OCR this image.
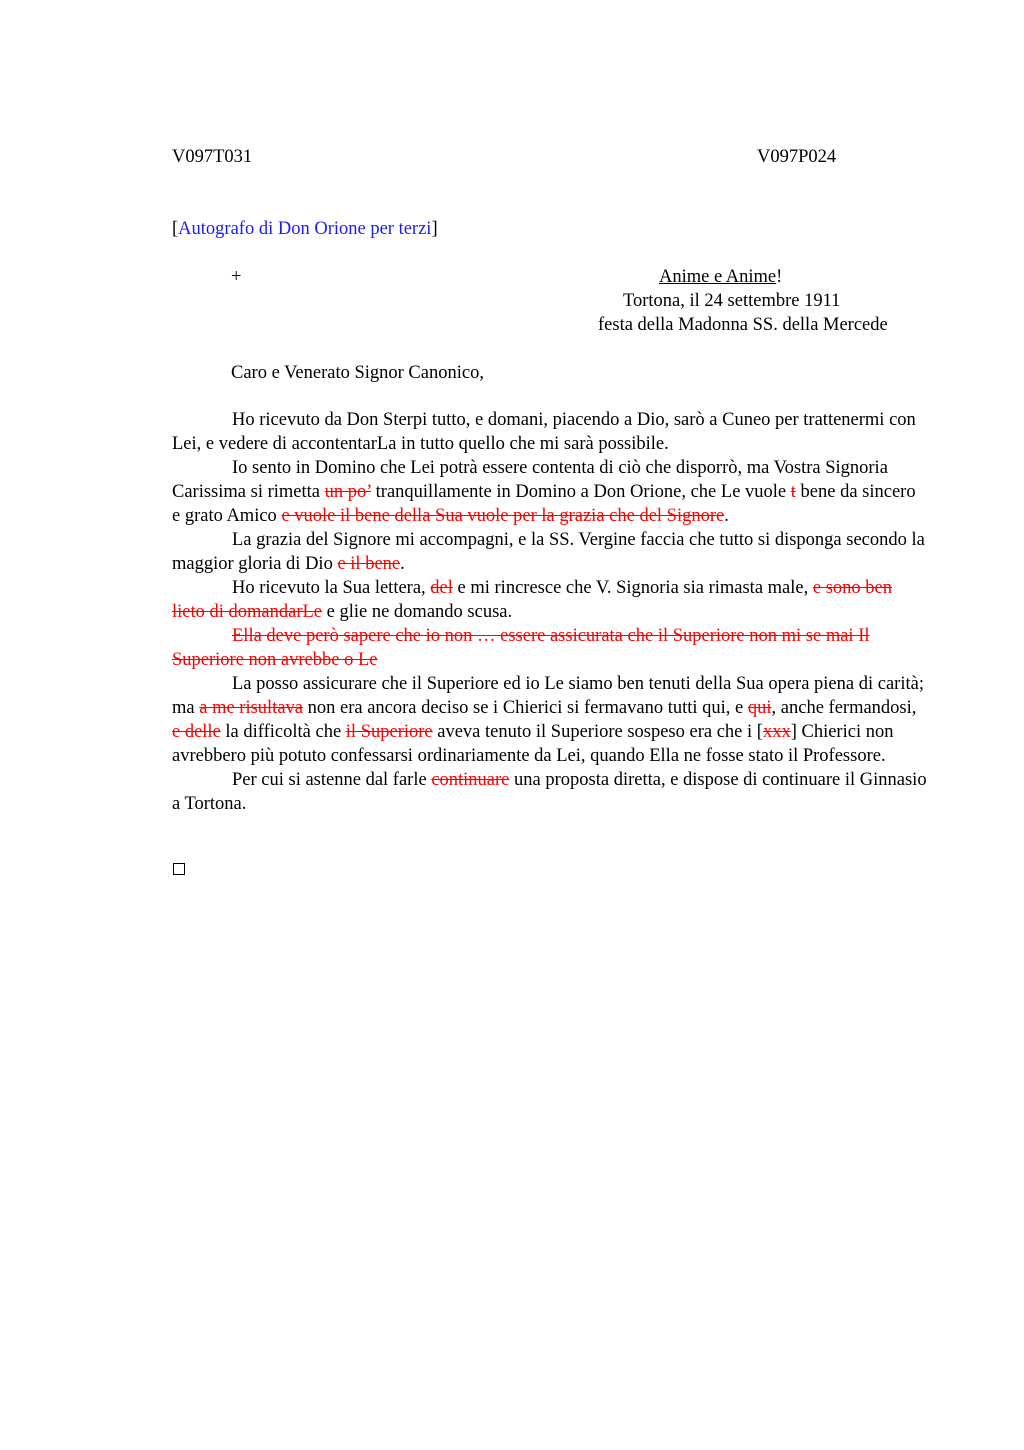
V097T031	V097P024
[Autografo di Don Orione per terzi]
+	Anime e Anime!
Tortona, il 24 settembre 1911
festa della Madonna SS. della Mercede
Caro e Venerato Signor Canonico,

Ho ricevuto da Don Sterpi tutto, e domani, piacendo a Dio, sarò a Cuneo per trattenermi con Lei, e vedere di accontentarLa in tutto quello che mi sarà possibile.

Io sento in Domino che Lei potrà essere contenta di ciò che disporrò, ma Vostra Signoria Carissima si rimetta un po’ tranquillamente in Domino a Don Orione, che Le vuole t bene da sincero e grato Amico e vuole il bene della Sua vuole per la grazia che del Signore.

La grazia del Signore mi accompagni, e la SS. Vergine faccia che tutto si disponga secondo la maggior gloria di Dio e il bene.

Ho ricevuto la Sua lettera, del e mi rincresce che V. Signoria sia rimasta male, e sono ben lieto di domandarLe e glie ne domando scusa.

Ella deve però sapere che io non … essere assicurata che il Superiore non mi se mai Il Superiore non avrebbe o Le

La posso assicurare che il Superiore ed io Le siamo ben tenuti della Sua opera piena di carità; ma a me risultava non era ancora deciso se i Chierici si fermavano tutti qui, e qui, anche fermandosi, e delle la difficoltà che il Superiore aveva tenuto il Superiore sospeso era che i [xxx] Chierici non avrebbero più potuto confessarsi ordinariamente da Lei, quando Ella ne fosse stato il Professore.

Per cui si astenne dal farle continuare una proposta diretta, e dispose di continuare il Ginnasio a Tortona.
